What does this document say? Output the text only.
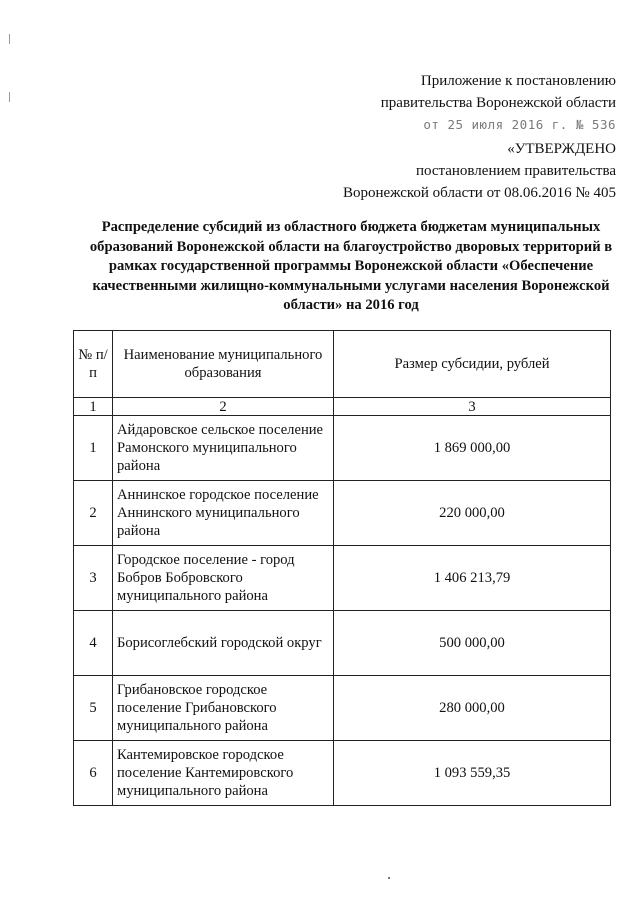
Приложение к постановлению
правительства Воронежской области
от 25 июля 2016 г. № 536
«УТВЕРЖДЕНО
постановлением правительства
Воронежской области от 08.06.2016 № 405
Распределение субсидий из областного бюджета бюджетам муниципальных образований Воронежской области на благоустройство дворовых территорий в рамках государственной программы Воронежской области «Обеспечение качественными жилищно-коммунальными услугами населения Воронежской области» на 2016 год
№ п/п	Наименование муниципального образования	Размер субсидии, рублей
1	2	3
1	Айдаровское сельское поселение Рамонского муниципального района	1 869 000,00
2	Аннинское городское поселение Аннинского муниципального района	220 000,00
3	Городское поселение - город Бобров Бобровского муниципального района	1 406 213,79
4	Борисоглебский городской округ	500 000,00
5	Грибановское городское поселение Грибановского муниципального района	280 000,00
6	Кантемировское городское поселение Кантемировского муниципального района	1 093 559,35
